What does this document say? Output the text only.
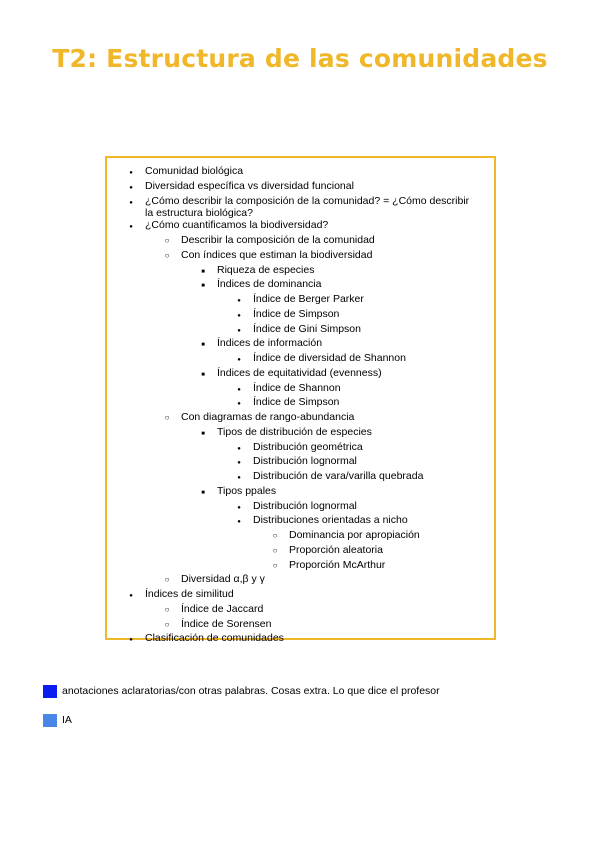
T2: Estructura de las comunidades
●
Comunidad biológica
●
Diversidad específica vs diversidad funcional
●
¿Cómo describir la composición de la comunidad? = ¿Cómo describir
la estructura biológica?
●
¿Cómo cuantificamos la biodiversidad?
○
Describir la composición de la comunidad
○
Con índices que estiman la biodiversidad
■
Riqueza de especies
■
Índices de dominancia
●
Índice de Berger Parker
●
Índice de Simpson
●
Índice de Gini Simpson
■
Índices de información
●
Índice de diversidad de Shannon
■
Índices de equitatividad (evenness)
●
Índice de Shannon
●
Índice de Simpson
○
Con diagramas de rango-abundancia
■
Tipos de distribución de especies
●
Distribución geométrica
●
Distribución lognormal
●
Distribución de vara/varilla quebrada
■
Tipos ppales
●
Distribución lognormal
●
Distribuciones orientadas a nicho
○
Dominancia por apropiación
○
Proporción aleatoria
○
Proporción McArthur
○
Diversidad α,β y γ
●
Índices de similitud
○
Índice de Jaccard
○
Índice de Sorensen
●
Clasificación de comunidades
anotaciones aclaratorias/con otras palabras. Cosas extra. Lo que dice el profesor
IA
